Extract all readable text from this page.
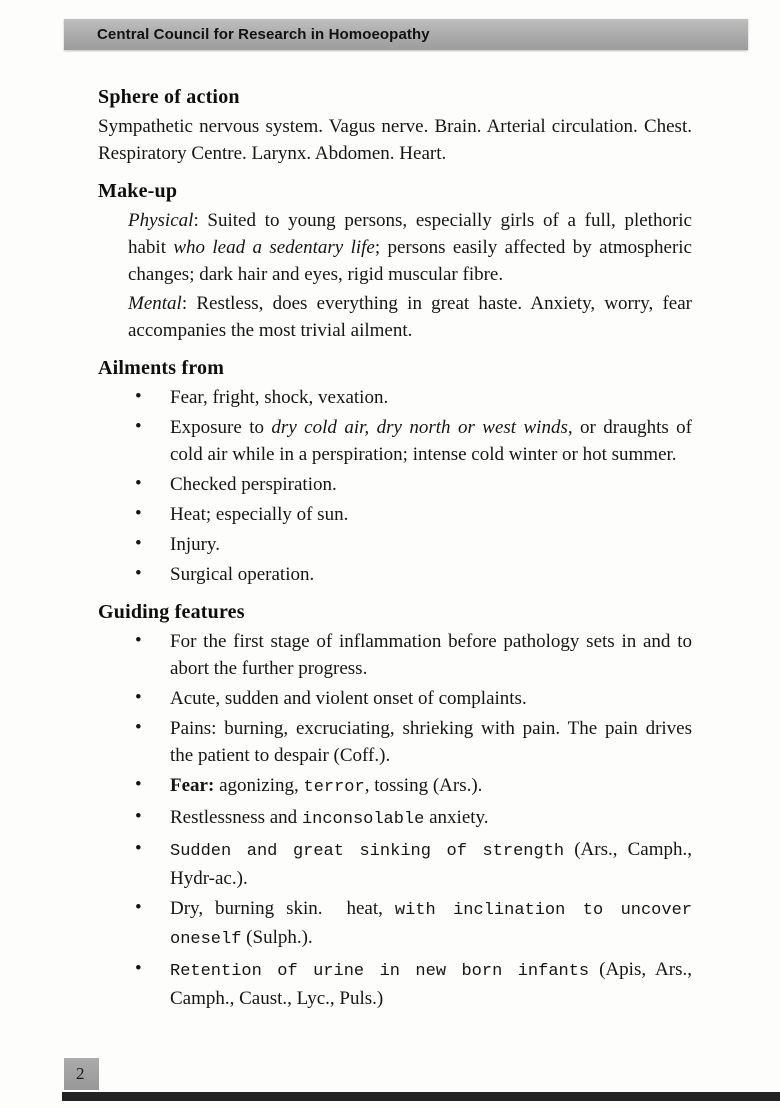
Central Council for Research in Homoeopathy
Sphere of action

Sympathetic nervous system. Vagus nerve. Brain. Arterial circulation. Chest. Respiratory Centre. Larynx. Abdomen. Heart.

Make-up

Physical: Suited to young persons, especially girls of a full, plethoric habit who lead a sedentary life; persons easily affected by atmospheric changes; dark hair and eyes, rigid muscular fibre.

Mental: Restless, does everything in great haste. Anxiety, worry, fear accompanies the most trivial ailment.

Ailments from
• Fear, fright, shock, vexation.
• Exposure to dry cold air, dry north or west winds, or draughts of cold air while in a perspiration; intense cold winter or hot summer.
• Checked perspiration.
• Heat; especially of sun.
• Injury.
• Surgical operation.
Guiding features
• For the first stage of inflammation before pathology sets in and to abort the further progress.
• Acute, sudden and violent onset of complaints.
• Pains: burning, excruciating, shrieking with pain. The pain drives the patient to despair (Coff.).
• Fear: agonizing, terror, tossing (Ars.).
• Restlessness and inconsolable anxiety.
• Sudden and great sinking of strength (Ars., Camph., Hydr-ac.).
• Dry, burning skin.  heat, with inclination to uncover oneself (Sulph.).
• Retention of urine in new born infants (Apis, Ars., Camph., Caust., Lyc., Puls.)
2
